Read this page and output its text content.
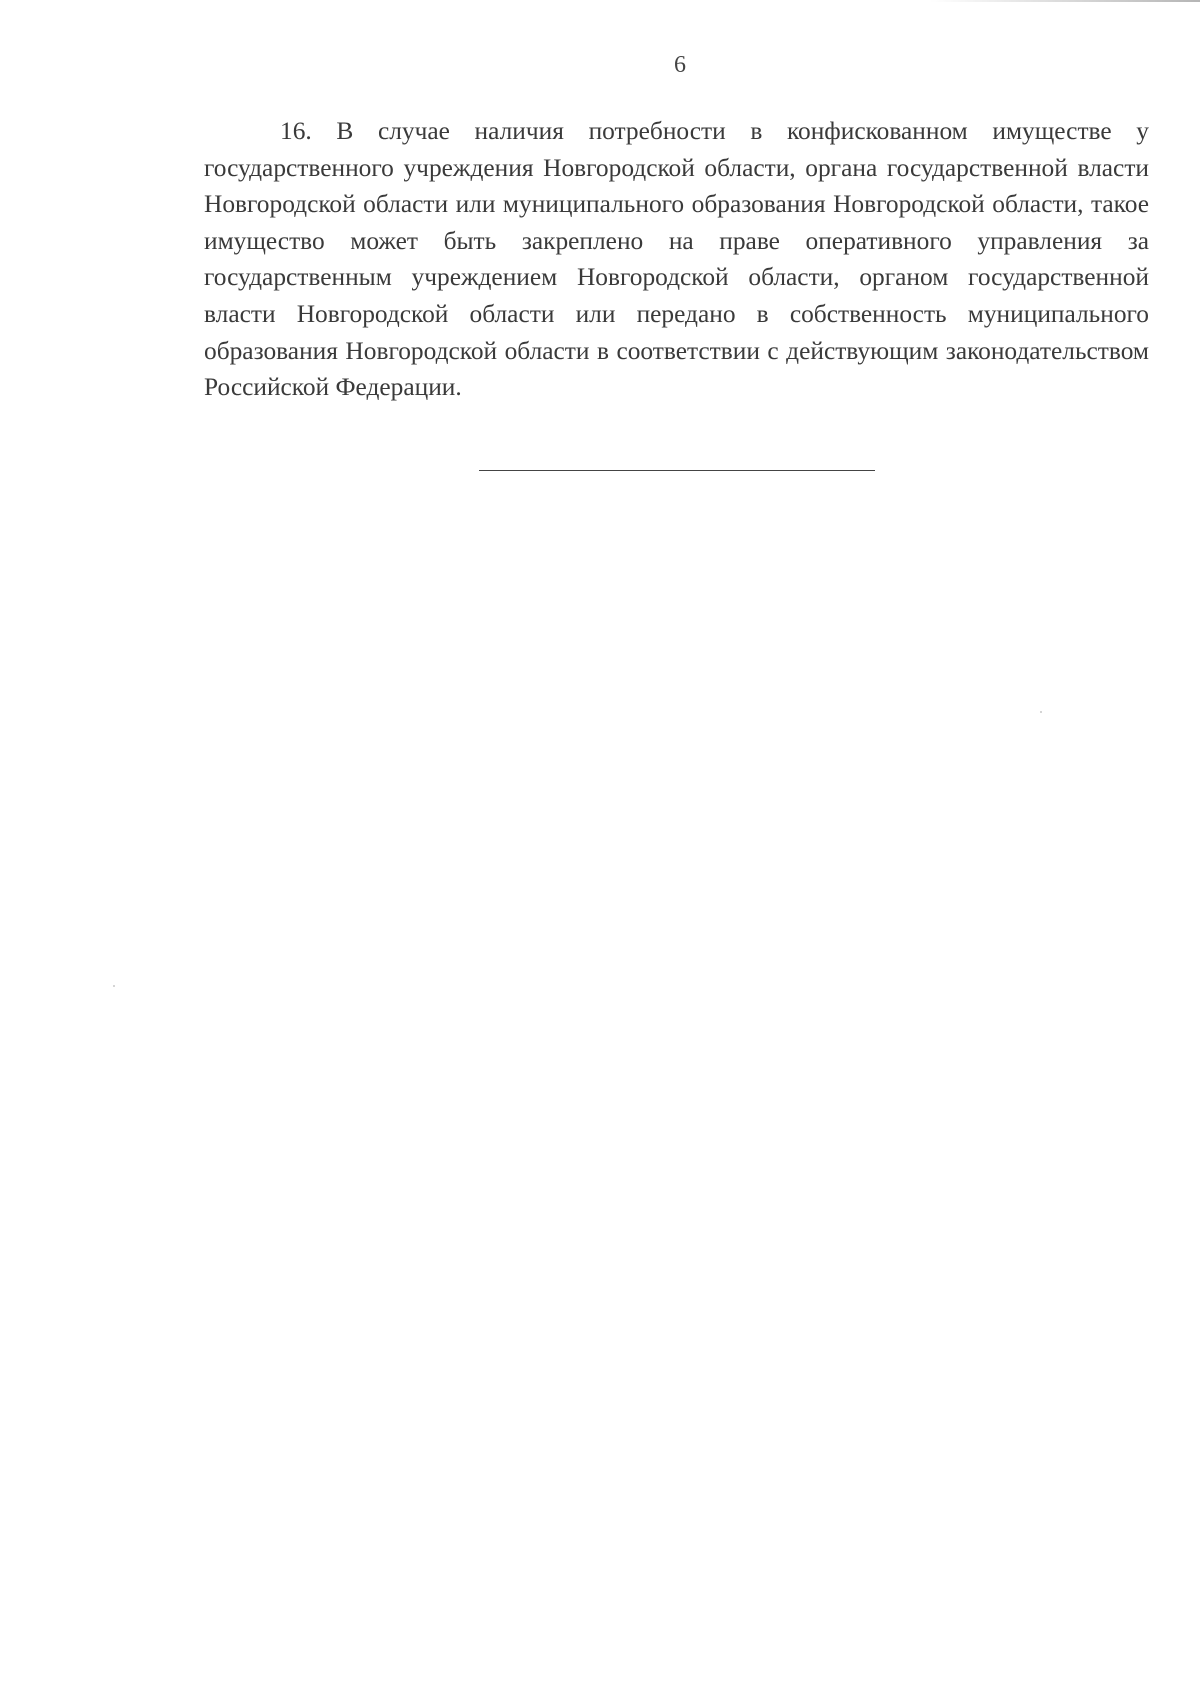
6

16. В случае наличия потребности в конфискованном имуществе у государственного учреждения Новгородской области, органа государственной власти Новгородской области или муниципального образования Новгородской области, такое имущество может быть закреплено на праве оперативного управления за государственным учреждением Новгородской области, органом государственной власти Новгородской области или передано в собственность муниципального образования Новгородской области в соответствии с действующим законодательством Российской Федерации.
